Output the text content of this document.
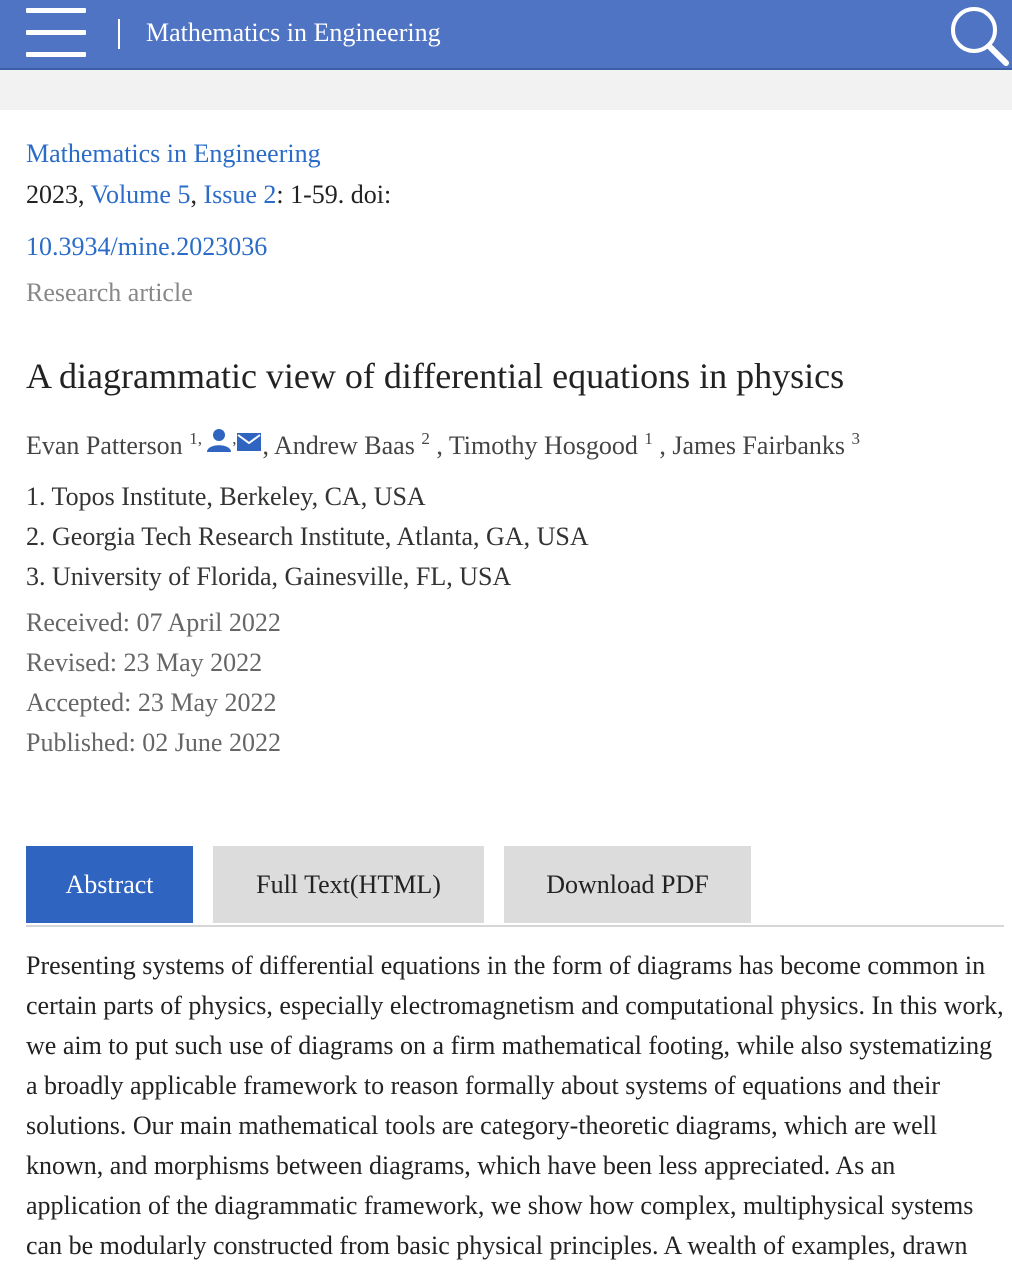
Mathematics in Engineering
Mathematics in Engineering
2023, Volume 5, Issue 2: 1-59. doi:
10.3934/mine.2023036
Research article
A diagrammatic view of differential equations in physics
Evan Patterson $^{1,}$ , , Andrew Baas $^2$ , Timothy Hosgood $^1$ , James Fairbanks $^3$
1. Topos Institute, Berkeley, CA, USA
2. Georgia Tech Research Institute, Atlanta, GA, USA
3. University of Florida, Gainesville, FL, USA
Received: 07 April 2022
Revised: 23 May 2022
Accepted: 23 May 2022
Published: 02 June 2022
Abstract	Full Text(HTML)	Download PDF
Presenting systems of differential equations in the form of diagrams has become common in
certain parts of physics, especially electromagnetism and computational physics. In this work,
we aim to put such use of diagrams on a firm mathematical footing, while also systematizing
a broadly applicable framework to reason formally about systems of equations and their
solutions. Our main mathematical tools are category-theoretic diagrams, which are well
known, and morphisms between diagrams, which have been less appreciated. As an
application of the diagrammatic framework, we show how complex, multiphysical systems
can be modularly constructed from basic physical principles. A wealth of examples, drawn
